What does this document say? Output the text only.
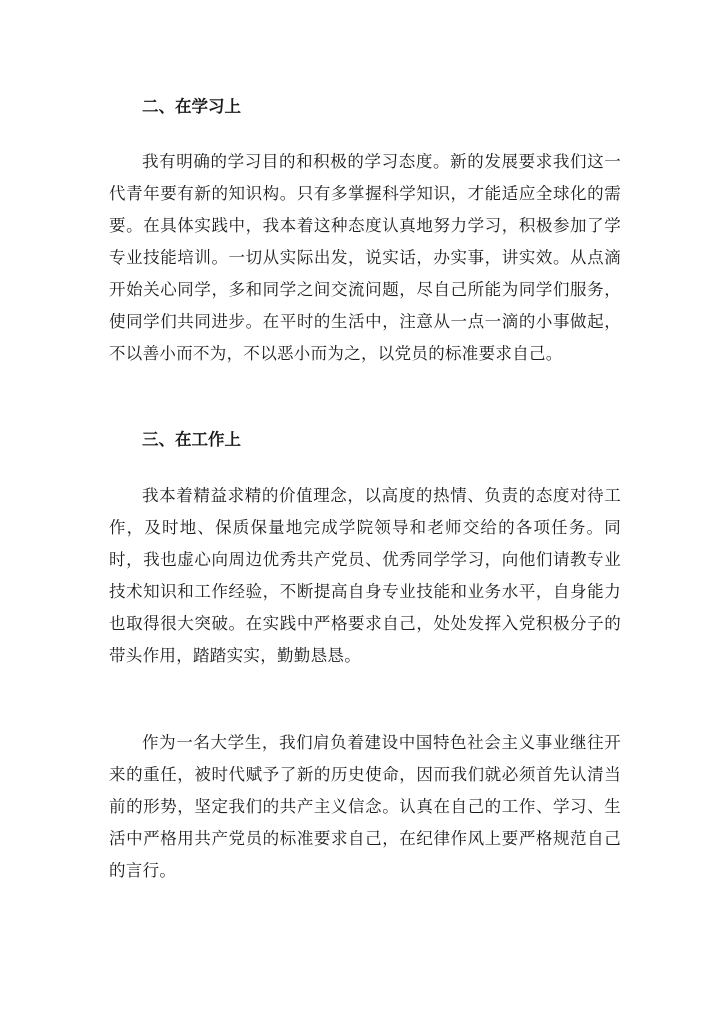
二、在学习上

我有明确的学习目的和积极的学习态度。新的发展要求我们这一代青年要有新的知识构。只有多掌握科学知识，才能适应全球化的需要。在具体实践中，我本着这种态度认真地努力学习，积极参加了学专业技能培训。一切从实际出发，说实话，办实事，讲实效。从点滴开始关心同学，多和同学之间交流问题，尽自己所能为同学们服务，使同学们共同进步。在平时的生活中，注意从一点一滴的小事做起，不以善小而不为，不以恶小而为之，以党员的标准要求自己。

三、在工作上

我本着精益求精的价值理念，以高度的热情、负责的态度对待工作，及时地、保质保量地完成学院领导和老师交给的各项任务。同时，我也虚心向周边优秀共产党员、优秀同学学习，向他们请教专业技术知识和工作经验，不断提高自身专业技能和业务水平，自身能力也取得很大突破。在实践中严格要求自己，处处发挥入党积极分子的带头作用，踏踏实实，勤勤恳恳。

作为一名大学生，我们肩负着建设中国特色社会主义事业继往开来的重任，被时代赋予了新的历史使命，因而我们就必须首先认清当前的形势，坚定我们的共产主义信念。认真在自己的工作、学习、生活中严格用共产党员的标准要求自己，在纪律作风上要严格规范自己的言行。
